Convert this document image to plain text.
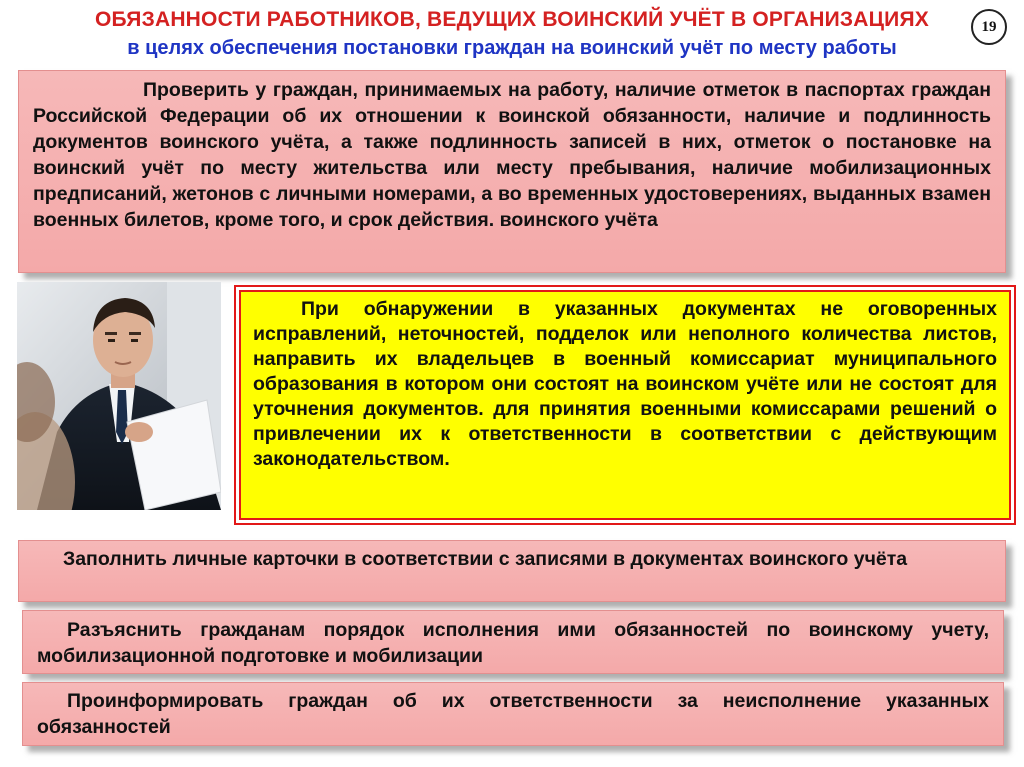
ОБЯЗАННОСТИ РАБОТНИКОВ, ВЕДУЩИХ ВОИНСКИЙ УЧЁТ В ОРГАНИЗАЦИЯХ
в целях обеспечения постановки граждан на воинский учёт по месту работы
19

Проверить у граждан, принимаемых на работу, наличие отметок в паспортах граждан Российской Федерации об их отношении к воинской обязанности, наличие и подлинность документов воинского учёта, а также подлинность записей в них, отметок о постановке на воинский учёт по месту жительства или месту пребывания, наличие мобилизационных предписаний, жетонов с личными номерами, а во временных удостоверениях, выданных взамен военных билетов, кроме того, и срок действия. воинского учёта

При обнаружении в указанных документах не оговоренных исправлений, неточностей, подделок или неполного количества листов, направить их владельцев в военный комиссариат муниципального образования в котором они состоят на воинском учёте или не состоят для уточнения документов. для принятия военными комиссарами решений о привлечении их к ответственности в соответствии с действующим законодательством.

Заполнить личные карточки в соответствии с записями в документах воинского учёта

Разъяснить гражданам порядок исполнения ими обязанностей по воинскому учету, мобилизационной подготовке и мобилизации

Проинформировать граждан об их ответственности за неисполнение указанных обязанностей
